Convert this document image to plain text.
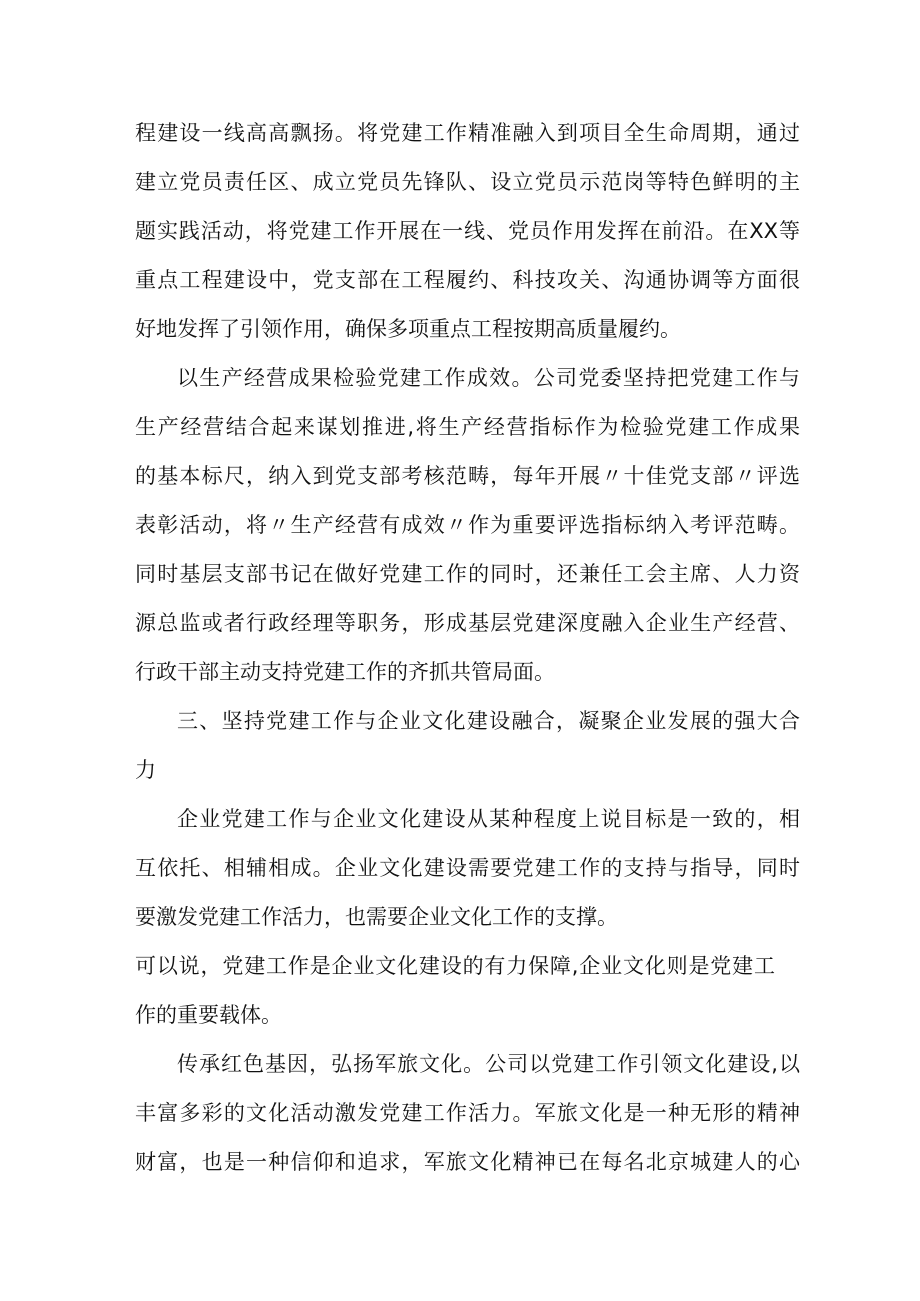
程建设一线高高飘扬。将党建工作精准融入到项目全生命周期，通过

建立党员责任区、成立党员先锋队、设立党员示范岗等特色鲜明的主

题实践活动，将党建工作开展在一线、党员作用发挥在前沿。在XX等

重点工程建设中，党支部在工程履约、科技攻关、沟通协调等方面很

好地发挥了引领作用，确保多项重点工程按期高质量履约。

以生产经营成果检验党建工作成效。公司党委坚持把党建工作与

生产经营结合起来谋划推进,将生产经营指标作为检验党建工作成果

的基本标尺，纳入到党支部考核范畴，每年开展〃十佳党支部〃评选

表彰活动，将〃生产经营有成效〃作为重要评选指标纳入考评范畴。

同时基层支部书记在做好党建工作的同时，还兼任工会主席、人力资

源总监或者行政经理等职务，形成基层党建深度融入企业生产经营、

行政干部主动支持党建工作的齐抓共管局面。

三、坚持党建工作与企业文化建设融合，凝聚企业发展的强大合

力

企业党建工作与企业文化建设从某种程度上说目标是一致的，相

互依托、相辅相成。企业文化建设需要党建工作的支持与指导，同时

要激发党建工作活力，也需要企业文化工作的支撑。

可以说，党建工作是企业文化建设的有力保障,企业文化则是党建工

作的重要载体。

传承红色基因，弘扬军旅文化。公司以党建工作引领文化建设,以

丰富多彩的文化活动激发党建工作活力。军旅文化是一种无形的精神

财富，也是一种信仰和追求，军旅文化精神已在每名北京城建人的心
